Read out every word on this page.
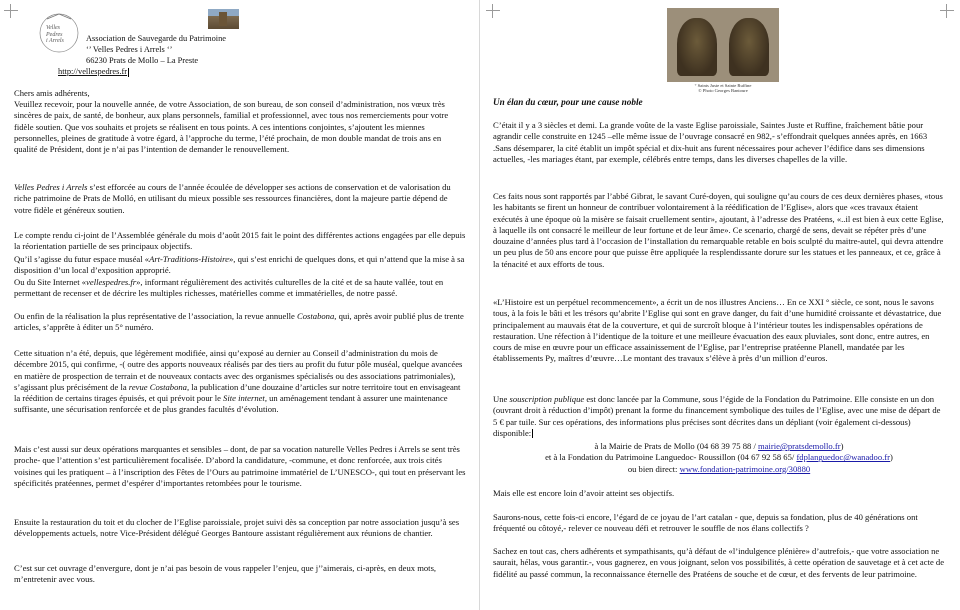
Velles
Pedres
i Arrels	Association de Sauvegarde du Patrimoine
‘’ Velles Pedres i Arrels ‘’
66230 Prats de Mollo – La Preste
http://vellespedres.fr

Chers amis adhérents,

Veuillez recevoir, pour la nouvelle année, de votre Association, de son bureau, de son conseil d’administration, nos vœux très sincères de paix, de santé, de bonheur, aux plans personnels, familial et professionnel, avec tous nos remerciements pour votre fidèle soutien. Que vos souhaits et projets se réalisent en tous points. A ces intentions conjointes, s’ajoutent les miennes personnelles, pleines de gratitude à votre égard, à l’approche du terme, l’été prochain, de mon double mandat de trois ans en qualité de Président, dont je n’ai pas l’intention de demander le renouvellement.

Velles Pedres i Arrels s’est efforcée au cours de l’année écoulée de développer ses actions de conservation et de valorisation du riche patrimoine de Prats de Molló, en utilisant du mieux possible ses ressources financières, dont la majeure partie dépend de votre fidèle et généreux soutien.

Le compte rendu ci-joint de l’Assemblée générale du mois d’août 2015 fait le point des différentes actions engagées par elle depuis la réorientation partielle de ses principaux objectifs.

Qu’il s’agisse du futur espace muséal «Art-Traditions-Histoire», qui s’est enrichi de quelques dons, et qui n’attend que la mise à sa disposition d’un local d’exposition approprié.

Ou du Site Internet «vellespedres.fr», informant régulièrement des activités culturelles de la cité et de sa haute vallée, tout en permettant de recenser et de décrire les multiples richesses, matérielles comme et immatérielles, de notre passé.

Ou enfin de la réalisation la plus représentative de l’association, la revue annuelle Costabona, qui, après avoir publié plus de trente articles, s’apprête à éditer un 5° numéro.

Cette situation n’a été, depuis, que légèrement modifiée, ainsi qu’exposé au dernier au Conseil d’administration du mois de décembre 2015, qui confirme, -( outre des apports nouveaux réalisés par des tiers au profit du futur pôle muséal, quelque avancées en matière de prospection de terrain et de nouveaux contacts avec des organismes spécialisés ou des associations patrimoniales), s’agissant plus précisément de la revue Costabona, la publication d’une douzaine d’articles sur notre territoire tout en envisageant la réédition de certains tirages épuisés, et qui prévoit pour le Site internet, un aménagement tendant à assurer une maintenance suffisante, une sécurisation renforcée et de plus grandes facultés d’évolution.

Mais c’est aussi sur deux opérations marquantes et sensibles – dont, de par sa vocation naturelle Velles Pedres i Arrels se sent très proche- que l’attention s’est particulièrement focalisée. D’abord la candidature, -commune, et donc renforcée, aux trois cités voisines qui les pratiquent – à l’inscription des Fêtes de l’Ours au patrimoine immatériel de L’UNESCO-, qui tout en préservant les spécificités pratéennes, permet d’espérer d’importantes retombées pour le tourisme.

Ensuite la restauration du toit et du clocher de l’Eglise paroissiale, projet suivi dès sa conception par notre association jusqu’à ses développements actuels, notre Vice-Président délégué Georges Bantoure assistant régulièrement aux réunions de chantier.

C’est sur cet ouvrage d’envergure, dont je n’ai pas besoin de vous rappeler l’enjeu, que j’’aimerais, ci-après, en deux mots, m’entretenir avec vous.

° Saints Juste et Sainte Ruffine
© Photo Georges Bantoure
Un élan du cœur, pour une cause noble

C’était il y a 3 siècles et demi. La grande voûte de la vaste Eglise paroissiale, Saintes Juste et Ruffine, fraîchement bâtie pour agrandir celle construite en 1245 –elle même issue de l’ouvrage consacré en 982,- s’effondrait quelques années après, en 1663 .Sans désemparer, la cité établit un impôt spécial et dix-huit ans furent nécessaires pour achever l’édifice dans ses dimensions actuelles, -les mariages étant, par exemple, célébrés entre temps, dans les diverses chapelles de la ville.

Ces faits nous sont rapportés par l’abbé Gibrat, le savant Curé-doyen, qui souligne qu’au cours de ces deux dernières phases, «tous les habitants se firent un honneur de contribuer volontairement à la réédification de l’Eglise», alors que «ces travaux étaient exécutés à une époque où la misère se faisait cruellement sentir», ajoutant, à l’adresse des Pratéens, «..il est bien à eux cette Eglise, à laquelle ils ont consacré le meilleur de leur fortune et de leur âme». Ce scenario, chargé de sens, devait se répéter près d’une douzaine d’années plus tard à l’occasion de l’installation du remarquable retable en bois sculpté du maitre-autel, qui devra attendre un peu plus de 50 ans encore pour que puisse être appliquée la resplendissante dorure sur les statues et les panneaux, et ce, grâce à la ténacité et aux efforts de tous.

«L’Histoire est un perpétuel recommencement», a écrit un de nos illustres Anciens… En ce XXI ° siècle, ce sont, nous le savons tous, à la fois le bâti et les trésors qu’abrite l’Eglise qui sont en grave danger, du fait d’une humidité croissante et dévastatrice, due principalement au mauvais état de la couverture, et qui de surcroît bloque à l’intérieur toutes les indispensables opérations de restauration. Une réfection à l’identique de la toiture et une meilleure évacuation des eaux pluviales, sont donc, entre autres, en cours de mise en œuvre pour un efficace assainissement de l’Eglise, par l’entreprise pratéenne Planell, mandatée par les établissements Py, maîtres d’œuvre…Le montant des travaux s’élève à près d’un million d’euros.

Une souscription publique est donc lancée par la Commune, sous l’égide de la Fondation du Patrimoine. Elle consiste en un don (ouvrant droit à réduction d’impôt) prenant la forme du financement symbolique des tuiles de l’Eglise, avec une mise de départ de 5 € par tuile. Sur ces opérations, des informations plus précises sont décrites dans un dépliant (voir également ci-dessous) disponible:

à la Mairie de Prats de Mollo (04 68 39 75 88 / mairie@pratsdemollo.fr)
et à la Fondation du Patrimoine Languedoc- Roussillon (04 67 92 58 65/ fdplanguedoc@wanadoo.fr)
ou bien direct: www.fondation-patrimoine.org/30880

Mais elle est encore loin d’avoir atteint ses objectifs.

Saurons-nous, cette fois-ci encore, l’égard de ce joyau de l’art catalan - que, depuis sa fondation, plus de 40 générations ont fréquenté ou côtoyé,- relever ce nouveau défi et retrouver le souffle de nos élans collectifs ?

Sachez en tout cas, chers adhérents et sympathisants, qu’à défaut de «l’indulgence plénière» d’autrefois,- que votre association ne saurait, hélas, vous garantir.-, vous gagnerez, en vous joignant, selon vos possibilités, à cette opération de sauvetage et à cet acte de fidélité au passé commun, la reconnaissance éternelle des Pratéens de souche et de cœur, et des fervents de leur patrimoine.
